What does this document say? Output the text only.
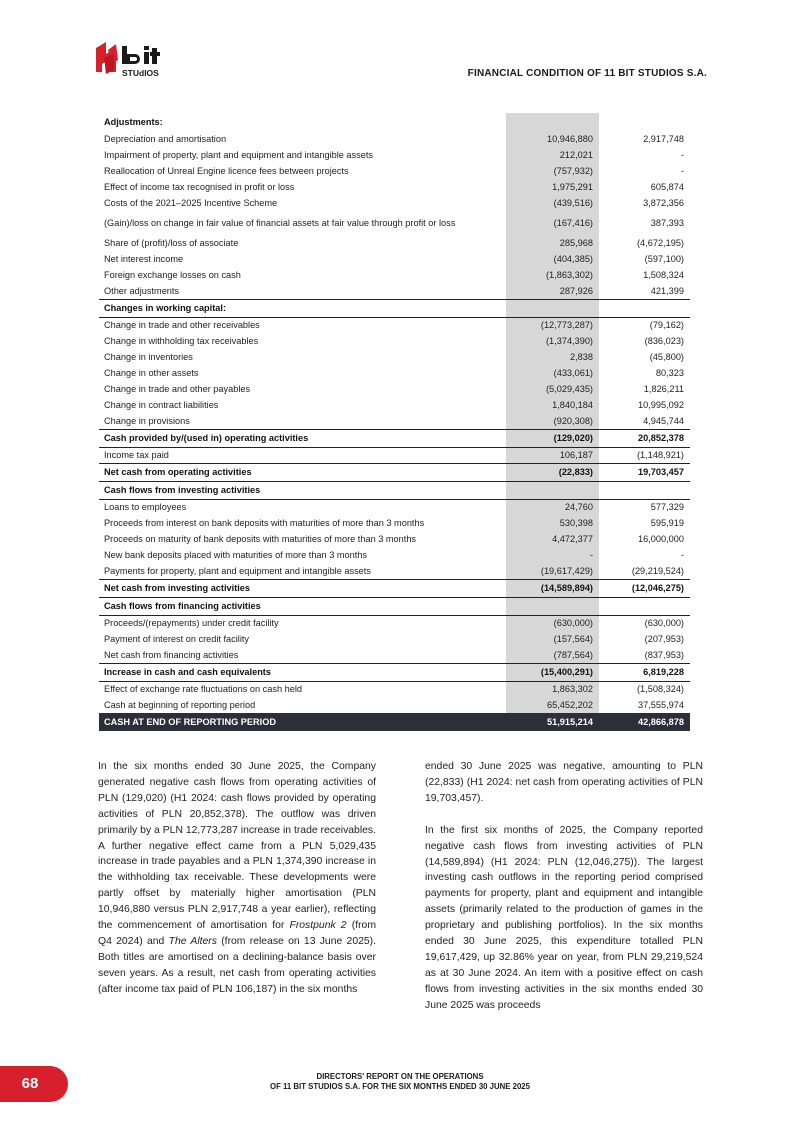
STUdIOS	FINANCIAL CONDITION OF 11 BIT STUDIOS S.A.
Adjustments:		
Depreciation and amortisation	10,946,880	2,917,748
Impairment of property, plant and equipment and intangible assets	212,021	-
Reallocation of Unreal Engine licence fees between projects	(757,932)	-
Effect of income tax recognised in profit or loss	1,975,291	605,874
Costs of the 2021–2025 Incentive Scheme	(439,516)	3,872,356
(Gain)/loss on change in fair value of financial assets at fair value through profit or loss	(167,416)	387,393
Share of (profit)/loss of associate	285,968	(4,672,195)
Net interest income	(404,385)	(597,100)
Foreign exchange losses on cash	(1,863,302)	1,508,324
Other adjustments	287,926	421,399
Changes in working capital:		
Change in trade and other receivables	(12,773,287)	(79,162)
Change in withholding tax receivables	(1,374,390)	(836,023)
Change in inventories	2,838	(45,800)
Change in other assets	(433,061)	80,323
Change in trade and other payables	(5,029,435)	1,826,211
Change in contract liabilities	1,840,184	10,995,092
Change in provisions	(920,308)	4,945,744
Cash provided by/(used in) operating activities	(129,020)	20,852,378
Income tax paid	106,187	(1,148,921)
Net cash from operating activities	(22,833)	19,703,457
Cash flows from investing activities		
Loans to employees	24,760	577,329
Proceeds from interest on bank deposits with maturities of more than 3 months	530,398	595,919
Proceeds on maturity of bank deposits with maturities of more than 3 months	4,472,377	16,000,000
New bank deposits placed with maturities of more than 3 months	-	-
Payments for property, plant and equipment and intangible assets	(19,617,429)	(29,219,524)
Net cash from investing activities	(14,589,894)	(12,046,275)
Cash flows from financing activities		
Proceeds/(repayments) under credit facility	(630,000)	(630,000)
Payment of interest on credit facility	(157,564)	(207,953)
Net cash from financing activities	(787,564)	(837,953)
Increase in cash and cash equivalents	(15,400,291)	6,819,228
Effect of exchange rate fluctuations on cash held	1,863,302	(1,508,324)
Cash at beginning of reporting period	65,452,202	37,555,974
CASH AT END OF REPORTING PERIOD	51,915,214	42,866,878

In the six months ended 30 June 2025, the Company generated negative cash flows from operating activities of PLN (129,020) (H1 2024: cash flows provided by operating activities of PLN 20,852,378). The outflow was driven primarily by a PLN 12,773,287 increase in trade receivables. A further negative effect came from a PLN 5,029,435 increase in trade payables and a PLN 1,374,390 increase in the withholding tax receivable. These developments were partly offset by materially higher amortisation (PLN 10,946,880 versus PLN 2,917,748 a year earlier), reflecting the commencement of amortisation for Frostpunk 2 (from Q4 2024) and The Alters (from release on 13 June 2025). Both titles are amortised on a declining-balance basis over seven years. As a result, net cash from operating activities (after income tax paid of PLN 106,187) in the six months

ended 30 June 2025 was negative, amounting to PLN (22,833) (H1 2024: net cash from operating activities of PLN 19,703,457).

In the first six months of 2025, the Company reported negative cash flows from investing activities of PLN (14,589,894) (H1 2024: PLN (12,046,275)). The largest investing cash outflows in the reporting period comprised payments for property, plant and equipment and intangible assets (primarily related to the production of games in the proprietary and publishing portfolios). In the six months ended 30 June 2025, this expenditure totalled PLN 19,617,429, up 32.86% year on year, from PLN 29,219,524 as at 30 June 2024. An item with a positive effect on cash flows from investing activities in the six months ended 30 June 2025 was proceeds

68	DIRECTORS' REPORT ON THE OPERATIONS
OF 11 BIT STUDIOS S.A. FOR THE SIX MONTHS ENDED 30 JUNE 2025
